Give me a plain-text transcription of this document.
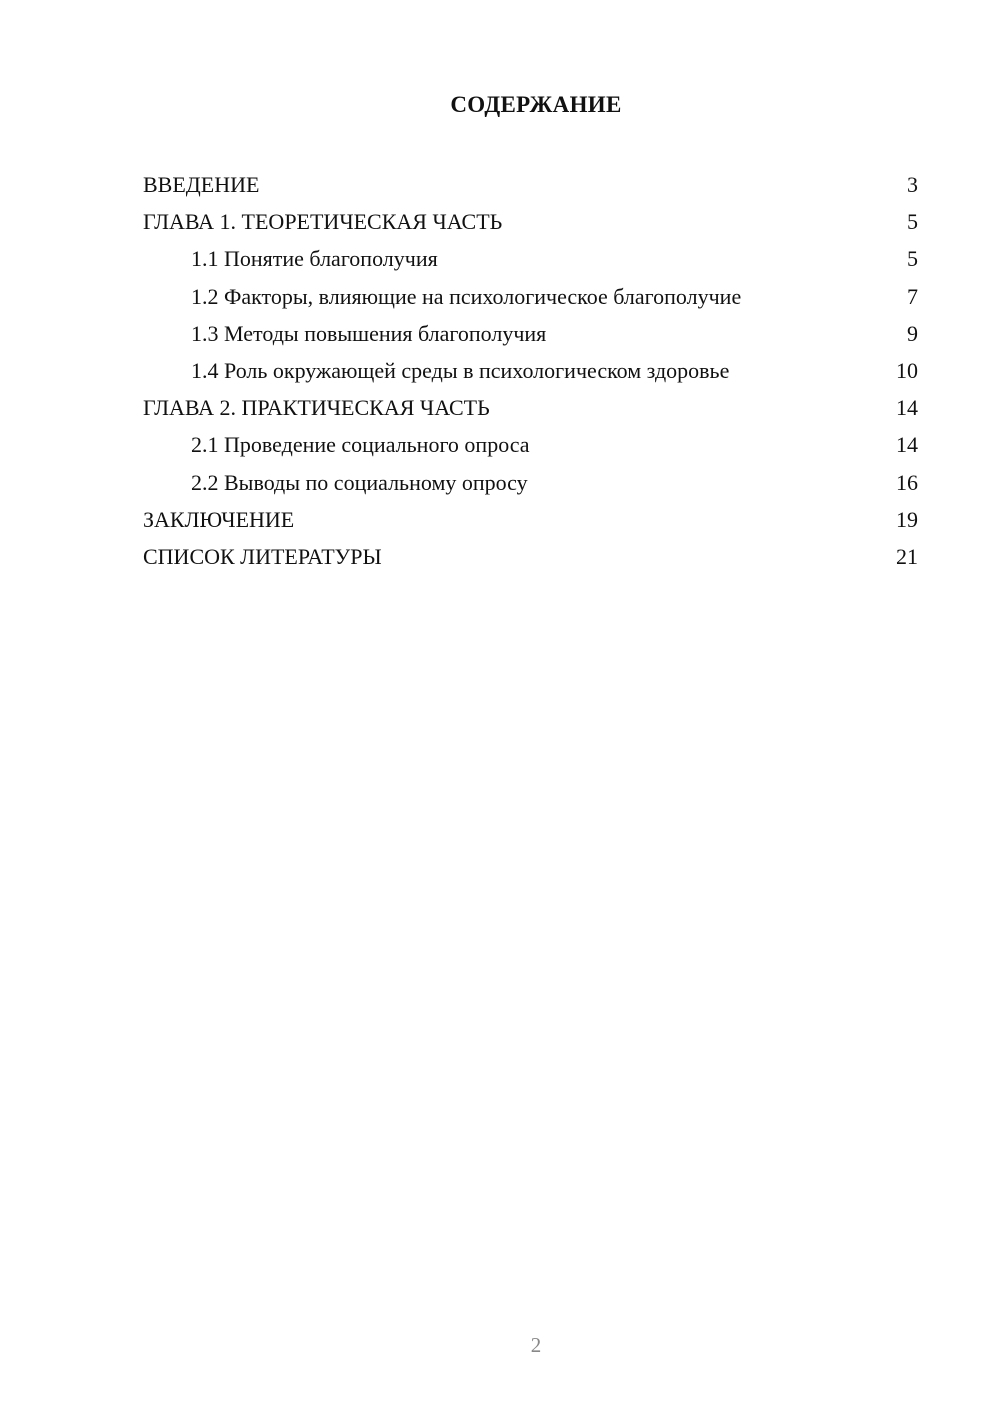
СОДЕРЖАНИЕ
ВВЕДЕНИЕ	3
ГЛАВА 1. ТЕОРЕТИЧЕСКАЯ ЧАСТЬ	5
1.1 Понятие благополучия	5
1.2 Факторы, влияющие на психологическое благополучие	7
1.3 Методы повышения благополучия	9
1.4 Роль окружающей среды в психологическом здоровье	10
ГЛАВА 2. ПРАКТИЧЕСКАЯ ЧАСТЬ	14
2.1 Проведение социального опроса	14
2.2 Выводы по социальному опросу	16
ЗАКЛЮЧЕНИЕ	19
СПИСОК ЛИТЕРАТУРЫ	21
2
